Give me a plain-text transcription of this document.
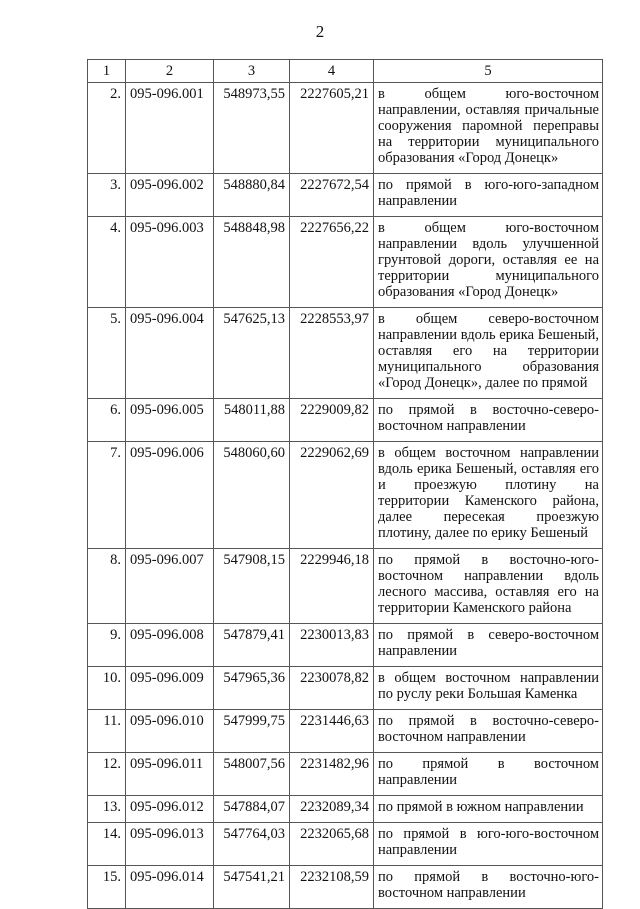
2
1	2	3	4	5
2.	095-096.001	548973,55	2227605,21	в общем юго-восточном направлении, оставляя причальные сооружения паромной переправы на территории муниципального образования «Город Донецк»
3.	095-096.002	548880,84	2227672,54	по прямой в юго-юго-западном направлении
4.	095-096.003	548848,98	2227656,22	в общем юго-восточном направлении вдоль улучшенной грунтовой дороги, оставляя ее на территории муниципального образования «Город Донецк»
5.	095-096.004	547625,13	2228553,97	в общем северо-восточном направлении вдоль ерика Бешеный, оставляя его на территории муниципального образования «Город Донецк», далее по прямой
6.	095-096.005	548011,88	2229009,82	по прямой в восточно-северо-восточном направлении
7.	095-096.006	548060,60	2229062,69	в общем восточном направлении вдоль ерика Бешеный, оставляя его и проезжую плотину на территории Каменского района, далее пересекая проезжую плотину, далее по ерику Бешеный
8.	095-096.007	547908,15	2229946,18	по прямой в восточно-юго-восточном направлении вдоль лесного массива, оставляя его на территории Каменского района
9.	095-096.008	547879,41	2230013,83	по прямой в северо-восточном направлении
10.	095-096.009	547965,36	2230078,82	в общем восточном направлении по руслу реки Большая Каменка
11.	095-096.010	547999,75	2231446,63	по прямой в восточно-северо-восточном направлении
12.	095-096.011	548007,56	2231482,96	по прямой в восточном направлении
13.	095-096.012	547884,07	2232089,34	по прямой в южном направлении
14.	095-096.013	547764,03	2232065,68	по прямой в юго-юго-восточном направлении
15.	095-096.014	547541,21	2232108,59	по прямой в восточно-юго-восточном направлении
